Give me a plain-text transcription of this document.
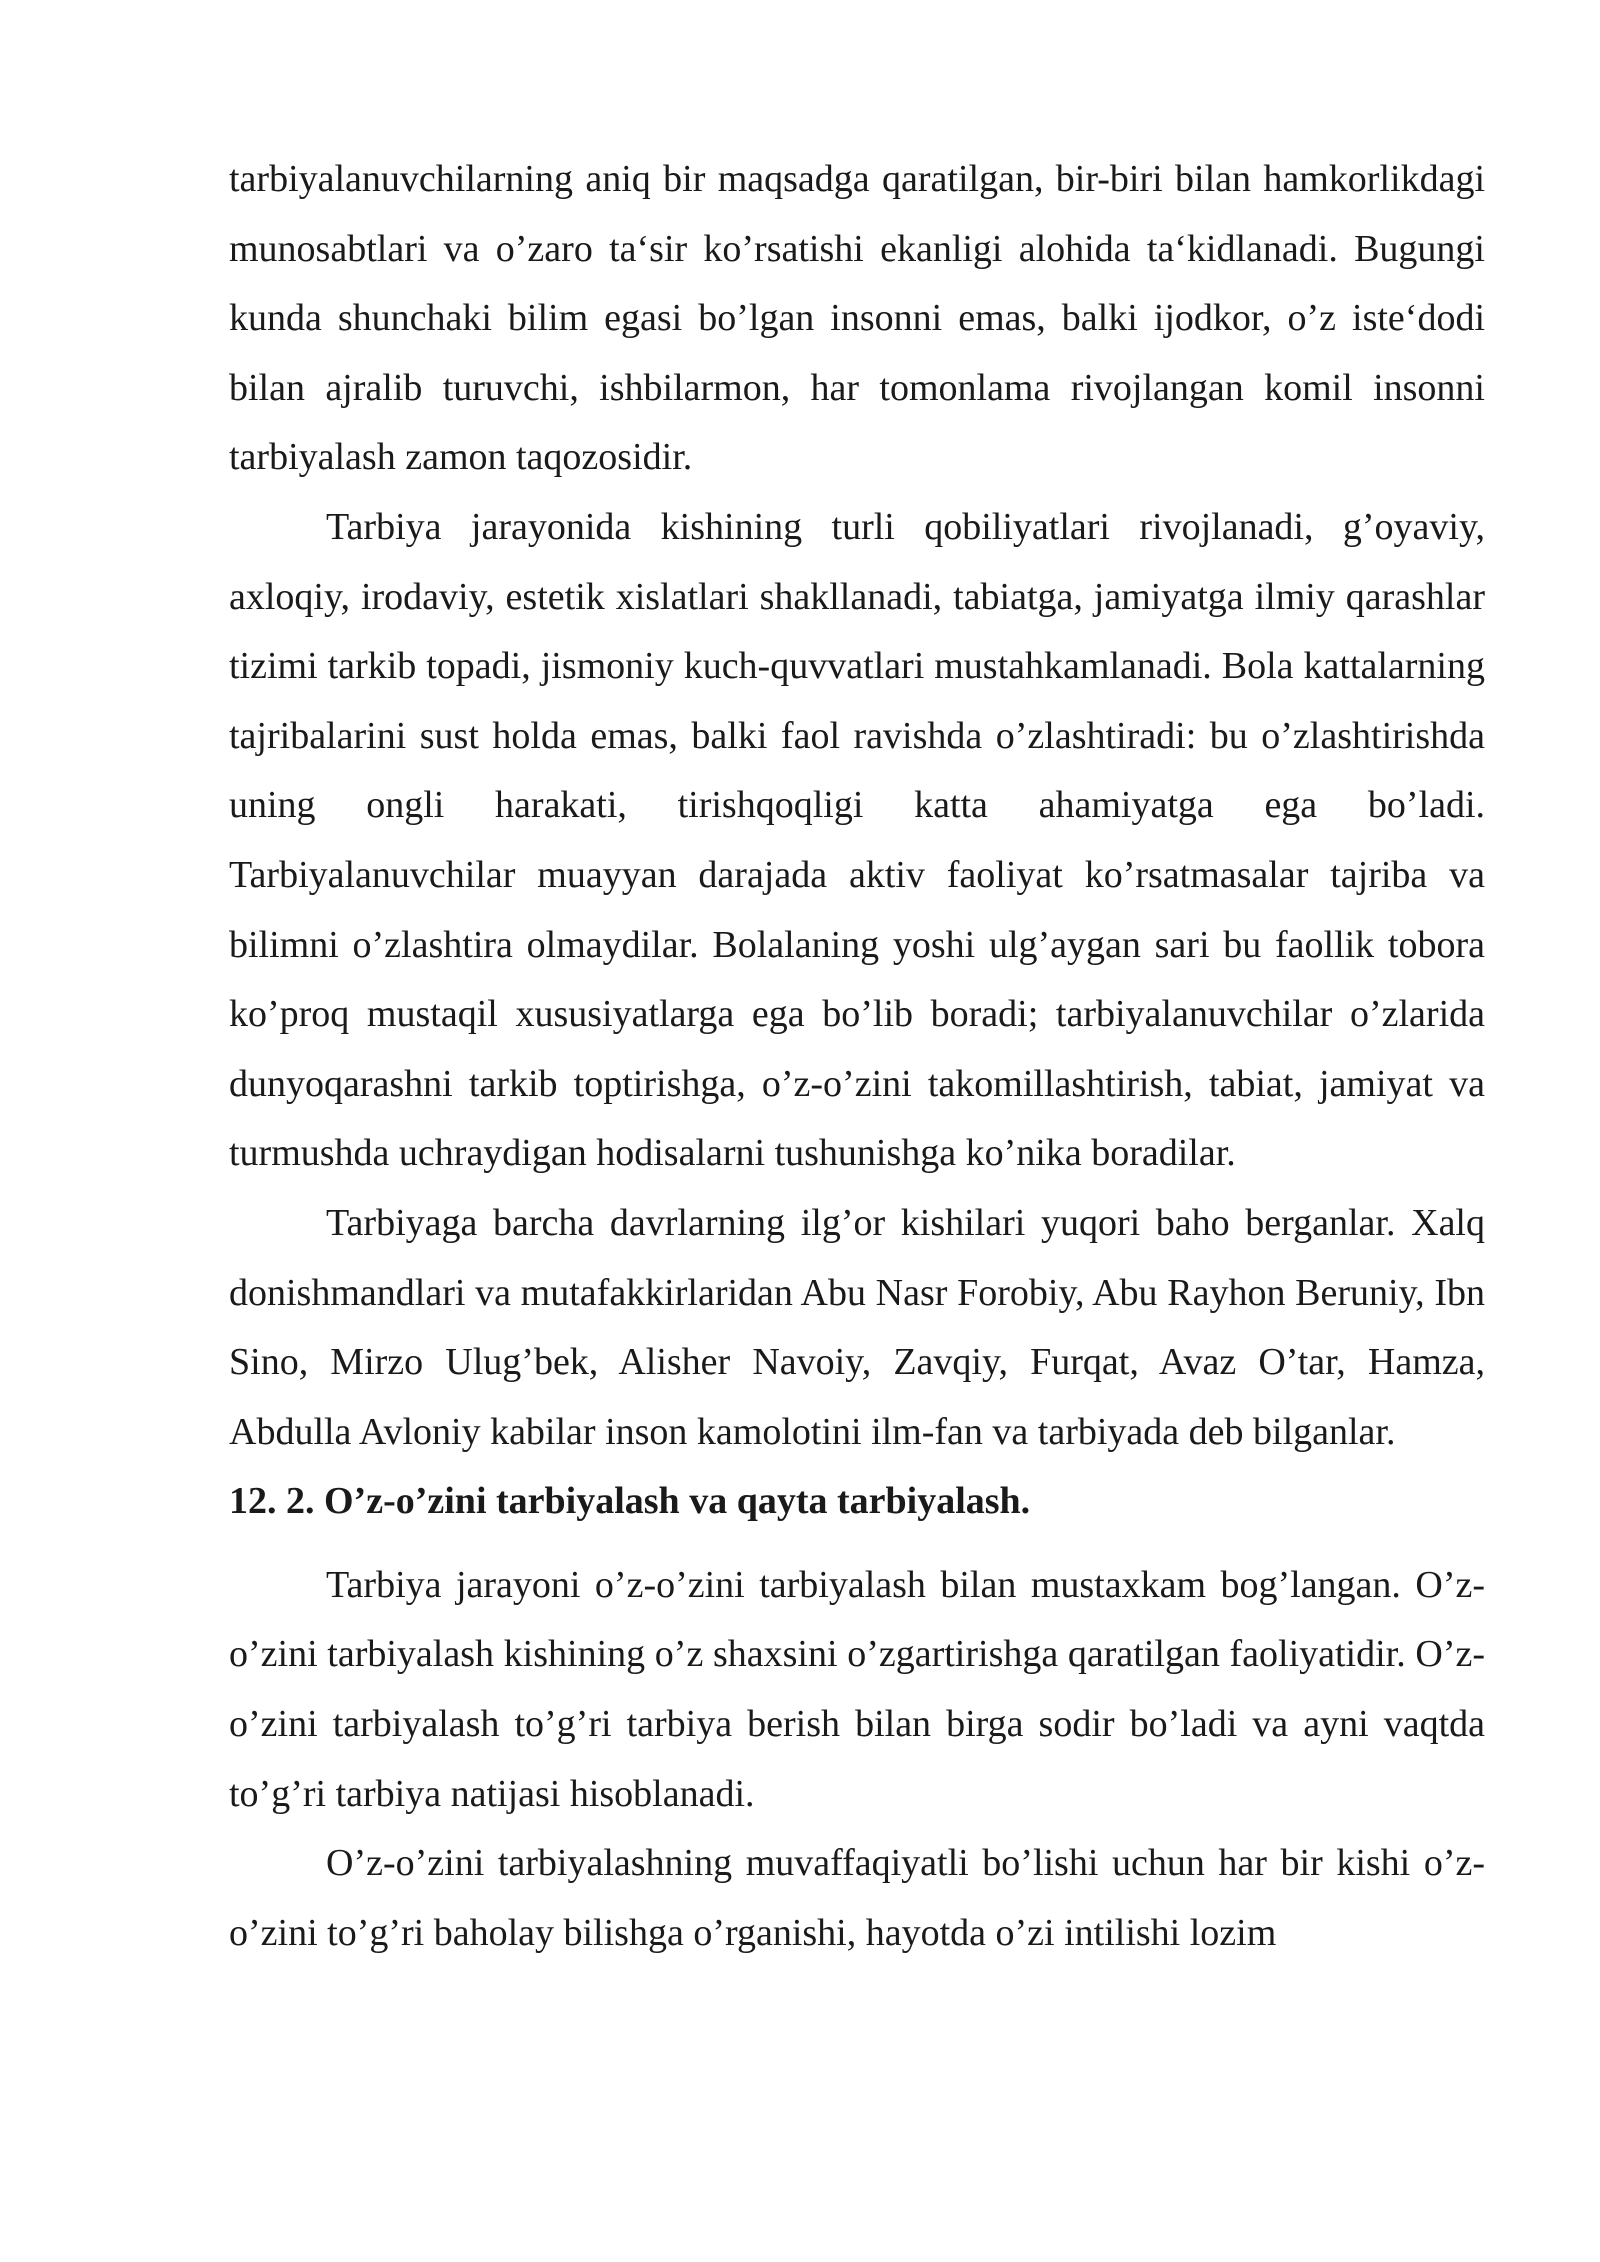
tarbiyalanuvchilarning aniq bir maqsadga qaratilgan, bir-biri bilan hamkorlikdagi munosabtlari va o’zaro ta‘sir ko’rsatishi ekanligi alohida ta‘kidlanadi. Bugungi kunda shunchaki bilim egasi bo’lgan insonni emas, balki ijodkor, o’z iste‘dodi bilan ajralib turuvchi, ishbilarmon, har tomonlama rivojlangan komil insonni tarbiyalash zamon taqozosidir.

Tarbiya jarayonida kishining turli qobiliyatlari rivojlanadi, g’oyaviy, axloqiy, irodaviy, estetik xislatlari shakllanadi, tabiatga, jamiyatga ilmiy qarashlar tizimi tarkib topadi, jismoniy kuch-quvvatlari mustahkamlanadi. Bola kattalarning tajribalarini sust holda emas, balki faol ravishda o’zlashtiradi: bu o’zlashtirishda uning ongli harakati, tirishqoqligi katta ahamiyatga ega bo’ladi. Tarbiyalanuvchilar muayyan darajada aktiv faoliyat ko’rsatmasalar tajriba va bilimni o’zlashtira olmaydilar. Bolalaning yoshi ulg’aygan sari bu faollik tobora ko’proq mustaqil xususiyatlarga ega bo’lib boradi; tarbiyalanuvchilar o’zlarida dunyoqarashni tarkib toptirishga, o’z-o’zini takomillashtirish, tabiat, jamiyat va turmushda uchraydigan hodisalarni tushunishga ko’nika boradilar.

Tarbiyaga barcha davrlarning ilg’or kishilari yuqori baho berganlar. Xalq donishmandlari va mutafakkirlaridan Abu Nasr Forobiy, Abu Rayhon Beruniy, Ibn Sino, Mirzo Ulug’bek, Alisher Navoiy, Zavqiy, Furqat, Avaz O’tar, Hamza, Abdulla Avloniy kabilar inson kamolotini ilm-fan va tarbiyada deb bilganlar.

12. 2. O’z-o’zini tarbiyalash va qayta tarbiyalash.

Tarbiya jarayoni o’z-o’zini tarbiyalash bilan mustaxkam bog’langan. O’z-o’zini tarbiyalash kishining o’z shaxsini o’zgartirishga qaratilgan faoliyatidir. O’z-o’zini tarbiyalash to’g’ri tarbiya berish bilan birga sodir bo’ladi va ayni vaqtda to’g’ri tarbiya natijasi hisoblanadi.

O’z-o’zini tarbiyalashning muvaffaqiyatli bo’lishi uchun har bir kishi o’z-o’zini to’g’ri baholay bilishga o’rganishi, hayotda o’zi intilishi lozim
